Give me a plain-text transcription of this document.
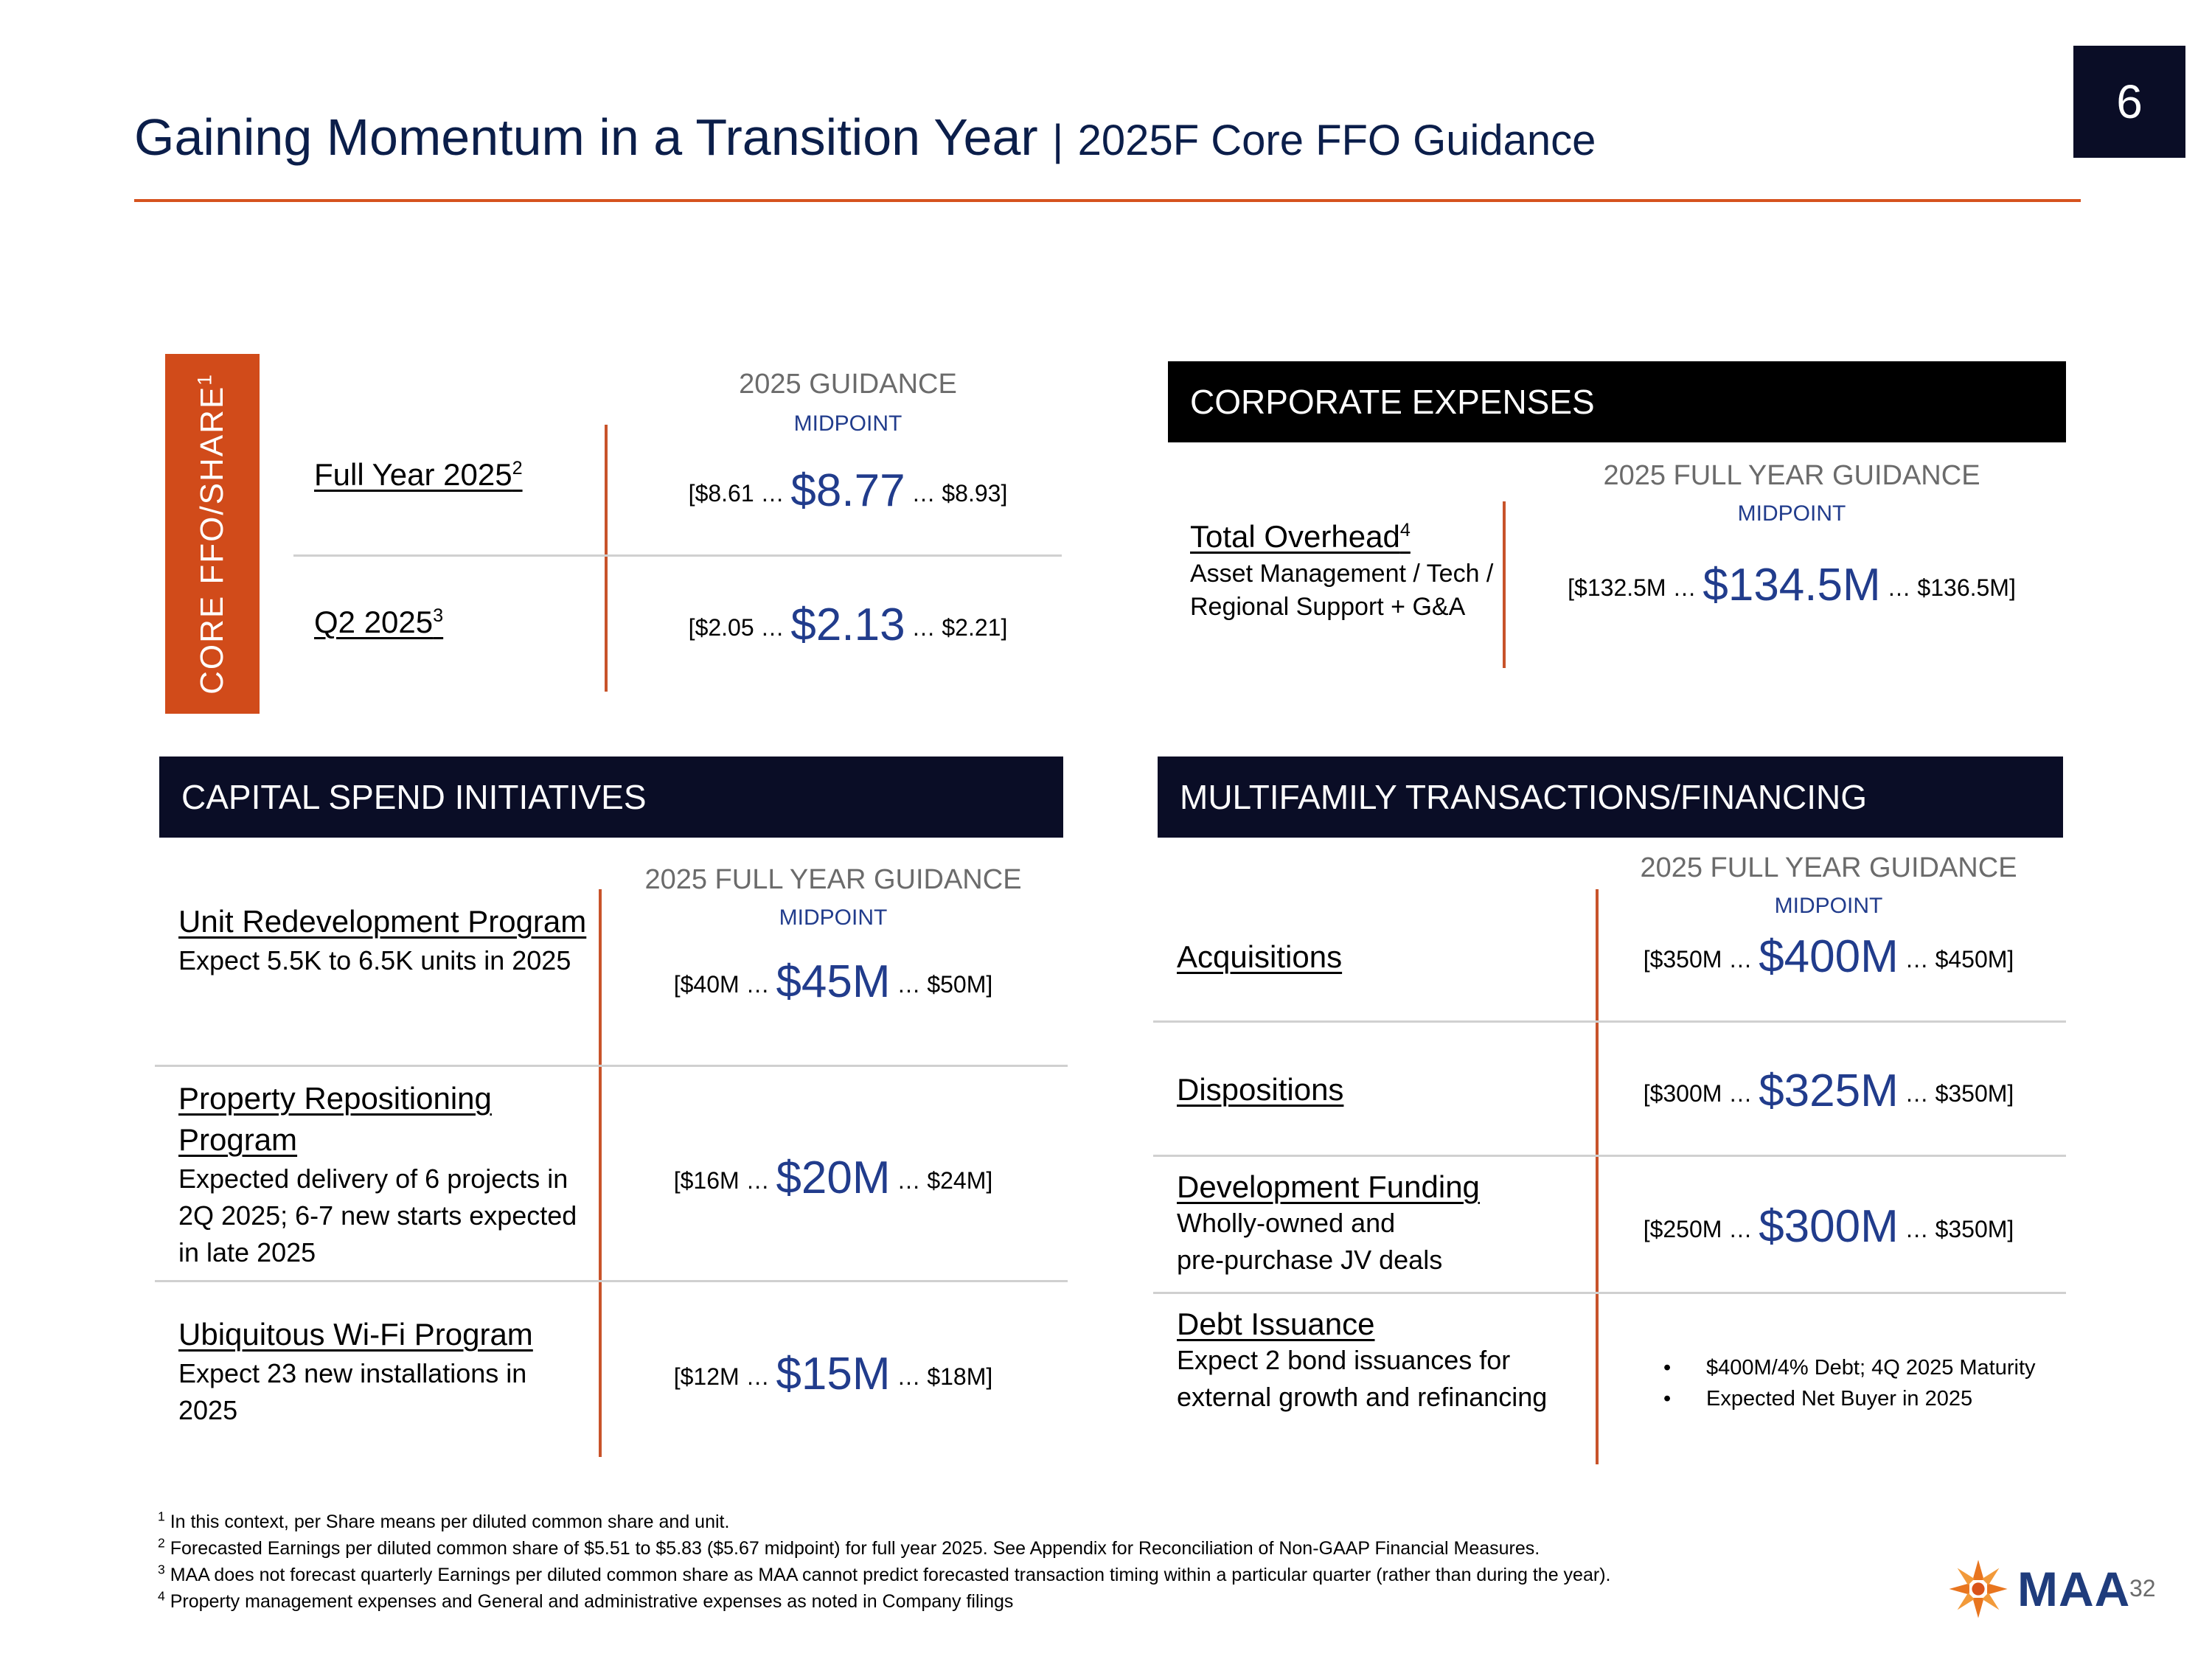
Gaining Momentum in a Transition Year | 2025F Core FFO Guidance
6
CORE FFO/SHARE$^1$	2025 GUIDANCE
MIDPOINT
Full Year 2025$^2$
[$8.61 … $8.77 … $8.93]
Q2 2025$^3$	[$2.05 … $2.13 … $2.21]
CORPORATE EXPENSES
2025 FULL YEAR GUIDANCE
MIDPOINT
Total Overhead$^4$
Asset Management / Tech / Regional Support + G&A
[$132.5M … $134.5M … $136.5M]
CAPITAL SPEND INITIATIVES
2025 FULL YEAR GUIDANCE
MIDPOINT
Unit Redevelopment Program
Expect 5.5K to 6.5K units in 2025
[$40M … $45M … $50M]
Property Repositioning Program
Expected delivery of 6 projects in 2Q 2025; 6-7 new starts expected in late 2025
[$16M … $20M … $24M]
Ubiquitous Wi-Fi Program
Expect 23 new installations in 2025
[$12M … $15M … $18M]
MULTIFAMILY TRANSACTIONS/FINANCING
2025 FULL YEAR GUIDANCE
MIDPOINT
Acquisitions	[$350M … $400M … $450M]
Dispositions	[$300M … $325M … $350M]
Development Funding
Wholly-owned and
pre-purchase JV deals
[$250M … $300M … $350M]
Debt Issuance
Expect 2 bond issuances for external growth and refinancing
• $400M/4% Debt; 4Q 2025 Maturity
• Expected Net Buyer in 2025
$^1$ In this context, per Share means per diluted common share and unit.
$^2$ Forecasted Earnings per diluted common share of $5.51 to $5.83 ($5.67 midpoint) for full year 2025. See Appendix for Reconciliation of Non-GAAP Financial Measures.
$^3$ MAA does not forecast quarterly Earnings per diluted common share as MAA cannot predict forecasted transaction timing within a particular quarter (rather than during the year).
$^4$ Property management expenses and General and administrative expenses as noted in Company filings	MAA
32
